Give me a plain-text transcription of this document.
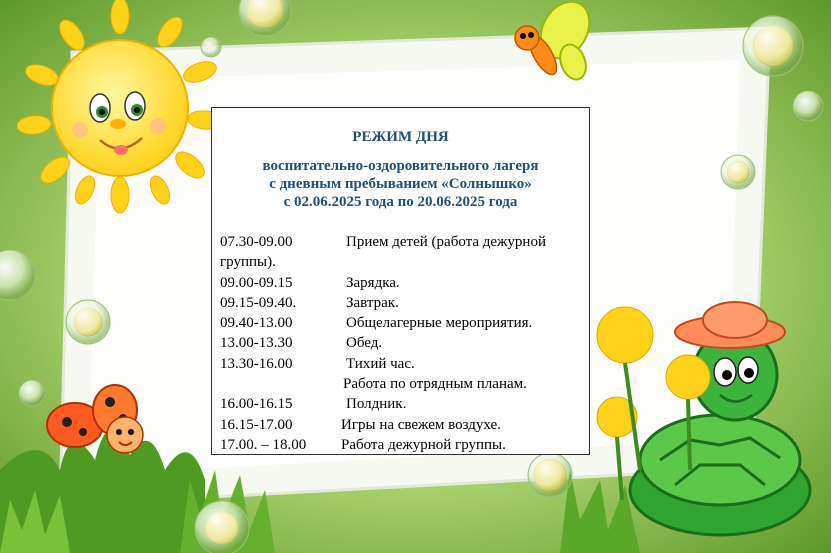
РЕЖИМ ДНЯ
воспитательно-оздоровительного лагеря
с дневным пребыванием «Солнышко»
с 02.06.2025 года по 20.06.2025 года
07.30-09.00	Прием детей (работа дежурной
группы).
09.00-09.15	Зарядка.
09.15-09.40.	Завтрак.
09.40-13.00	Общелагерные мероприятия.
13.00-13.30	Обед.
13.30-16.00	Тихий час.
Работа по отрядным планам.
16.00-16.15	Полдник.
16.15-17.00	Игры на свежем воздухе.
17.00. – 18.00 Работа дежурной группы.
